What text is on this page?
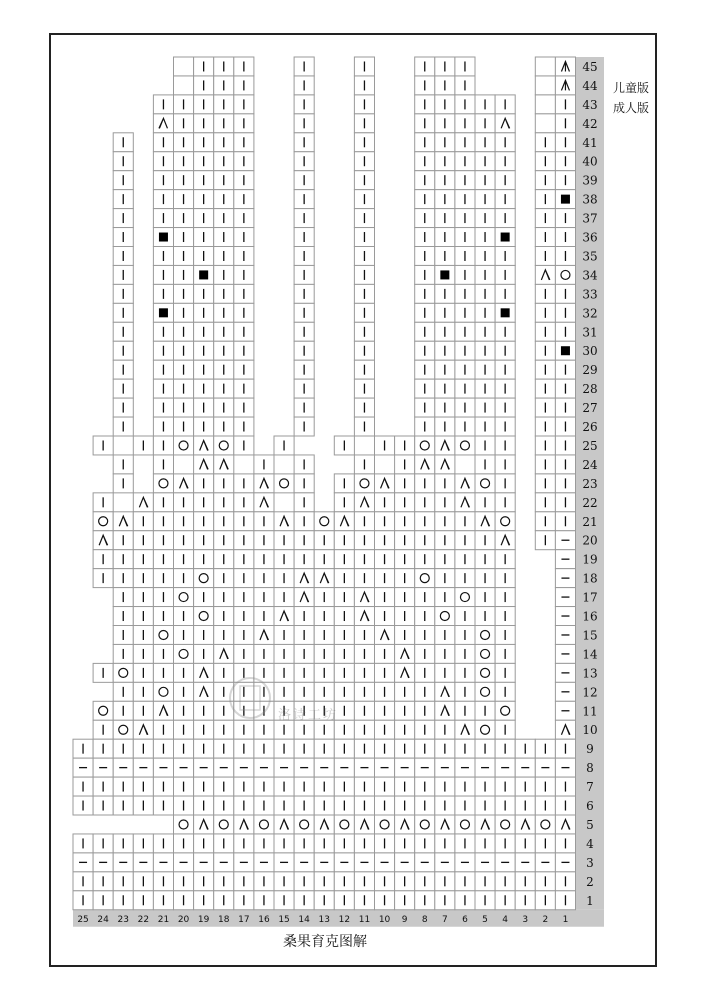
45
44
43
42
41
40
39
38
37
36
35
34
33
32
31
30
29
28
27
26
25
24
23
22
21
20
19
18
17
16
15
14
13
12
11
10
9
8
7
6
5
4
3
2
1
25 24 23 22 21 20 19 18 17 16 15 14 13 12 11 10 9 8 7 6 5 4 3 2 1
儿童版
成人版
桑果育克图解
洛诗工坊
